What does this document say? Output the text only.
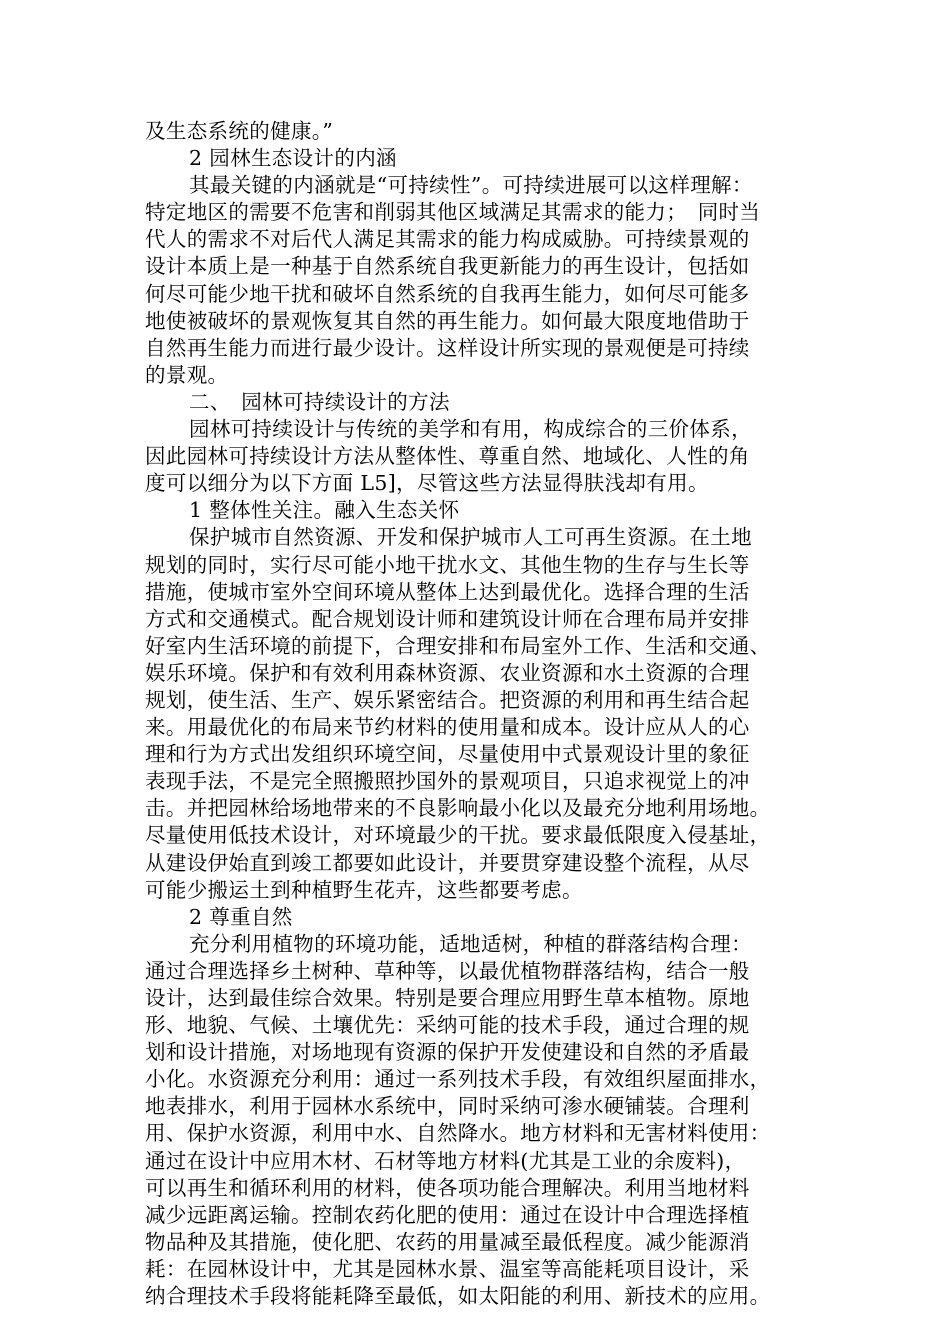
及生态系统的健康。”
2 园林生态设计的内涵
其最关键的内涵就是“可持续性”。可持续进展可以这样理解：
特定地区的需要不危害和削弱其他区域满足其需求的能力；　同时当
代人的需求不对后代人满足其需求的能力构成威胁。可持续景观的
设计本质上是一种基于自然系统自我更新能力的再生设计，包括如
何尽可能少地干扰和破坏自然系统的自我再生能力，如何尽可能多
地使被破坏的景观恢复其自然的再生能力。如何最大限度地借助于
自然再生能力而进行最少设计。这样设计所实现的景观便是可持续
的景观。
二、　园林可持续设计的方法
园林可持续设计与传统的美学和有用，构成综合的三价体系，
因此园林可持续设计方法从整体性、尊重自然、地域化、人性的角
度可以细分为以下方面 L5]，尽管这些方法显得肤浅却有用。
1 整体性关注。融入生态关怀
保护城市自然资源、开发和保护城市人工可再生资源。在土地
规划的同时，实行尽可能小地干扰水文、其他生物的生存与生长等
措施，使城市室外空间环境从整体上达到最优化。选择合理的生活
方式和交通模式。配合规划设计师和建筑设计师在合理布局并安排
好室内生活环境的前提下，合理安排和布局室外工作、生活和交通、
娱乐环境。保护和有效利用森林资源、农业资源和水土资源的合理
规划，使生活、生产、娱乐紧密结合。把资源的利用和再生结合起
来。用最优化的布局来节约材料的使用量和成本。设计应从人的心
理和行为方式出发组织环境空间，尽量使用中式景观设计里的象征
表现手法，不是完全照搬照抄国外的景观项目，只追求视觉上的冲
击。并把园林给场地带来的不良影响最小化以及最充分地利用场地。
尽量使用低技术设计，对环境最少的干扰。要求最低限度入侵基址，
从建设伊始直到竣工都要如此设计，并要贯穿建设整个流程，从尽
可能少搬运土到种植野生花卉，这些都要考虑。
2 尊重自然
充分利用植物的环境功能，适地适树，种植的群落结构合理：
通过合理选择乡土树种、草种等，以最优植物群落结构，结合一般
设计，达到最佳综合效果。特别是要合理应用野生草本植物。原地
形、地貌、气候、土壤优先：采纳可能的技术手段，通过合理的规
划和设计措施，对场地现有资源的保护开发使建设和自然的矛盾最
小化。水资源充分利用：通过一系列技术手段，有效组织屋面排水，
地表排水，利用于园林水系统中，同时采纳可渗水硬铺装。合理利
用、保护水资源，利用中水、自然降水。地方材料和无害材料使用：
通过在设计中应用木材、石材等地方材料(尤其是工业的余废料)，
可以再生和循环利用的材料，使各项功能合理解决。利用当地材料
减少远距离运输。控制农药化肥的使用：通过在设计中合理选择植
物品种及其措施，使化肥、农药的用量减至最低程度。减少能源消
耗：在园林设计中，尤其是园林水景、温室等高能耗项目设计，采
纳合理技术手段将能耗降至最低，如太阳能的利用、新技术的应用。
